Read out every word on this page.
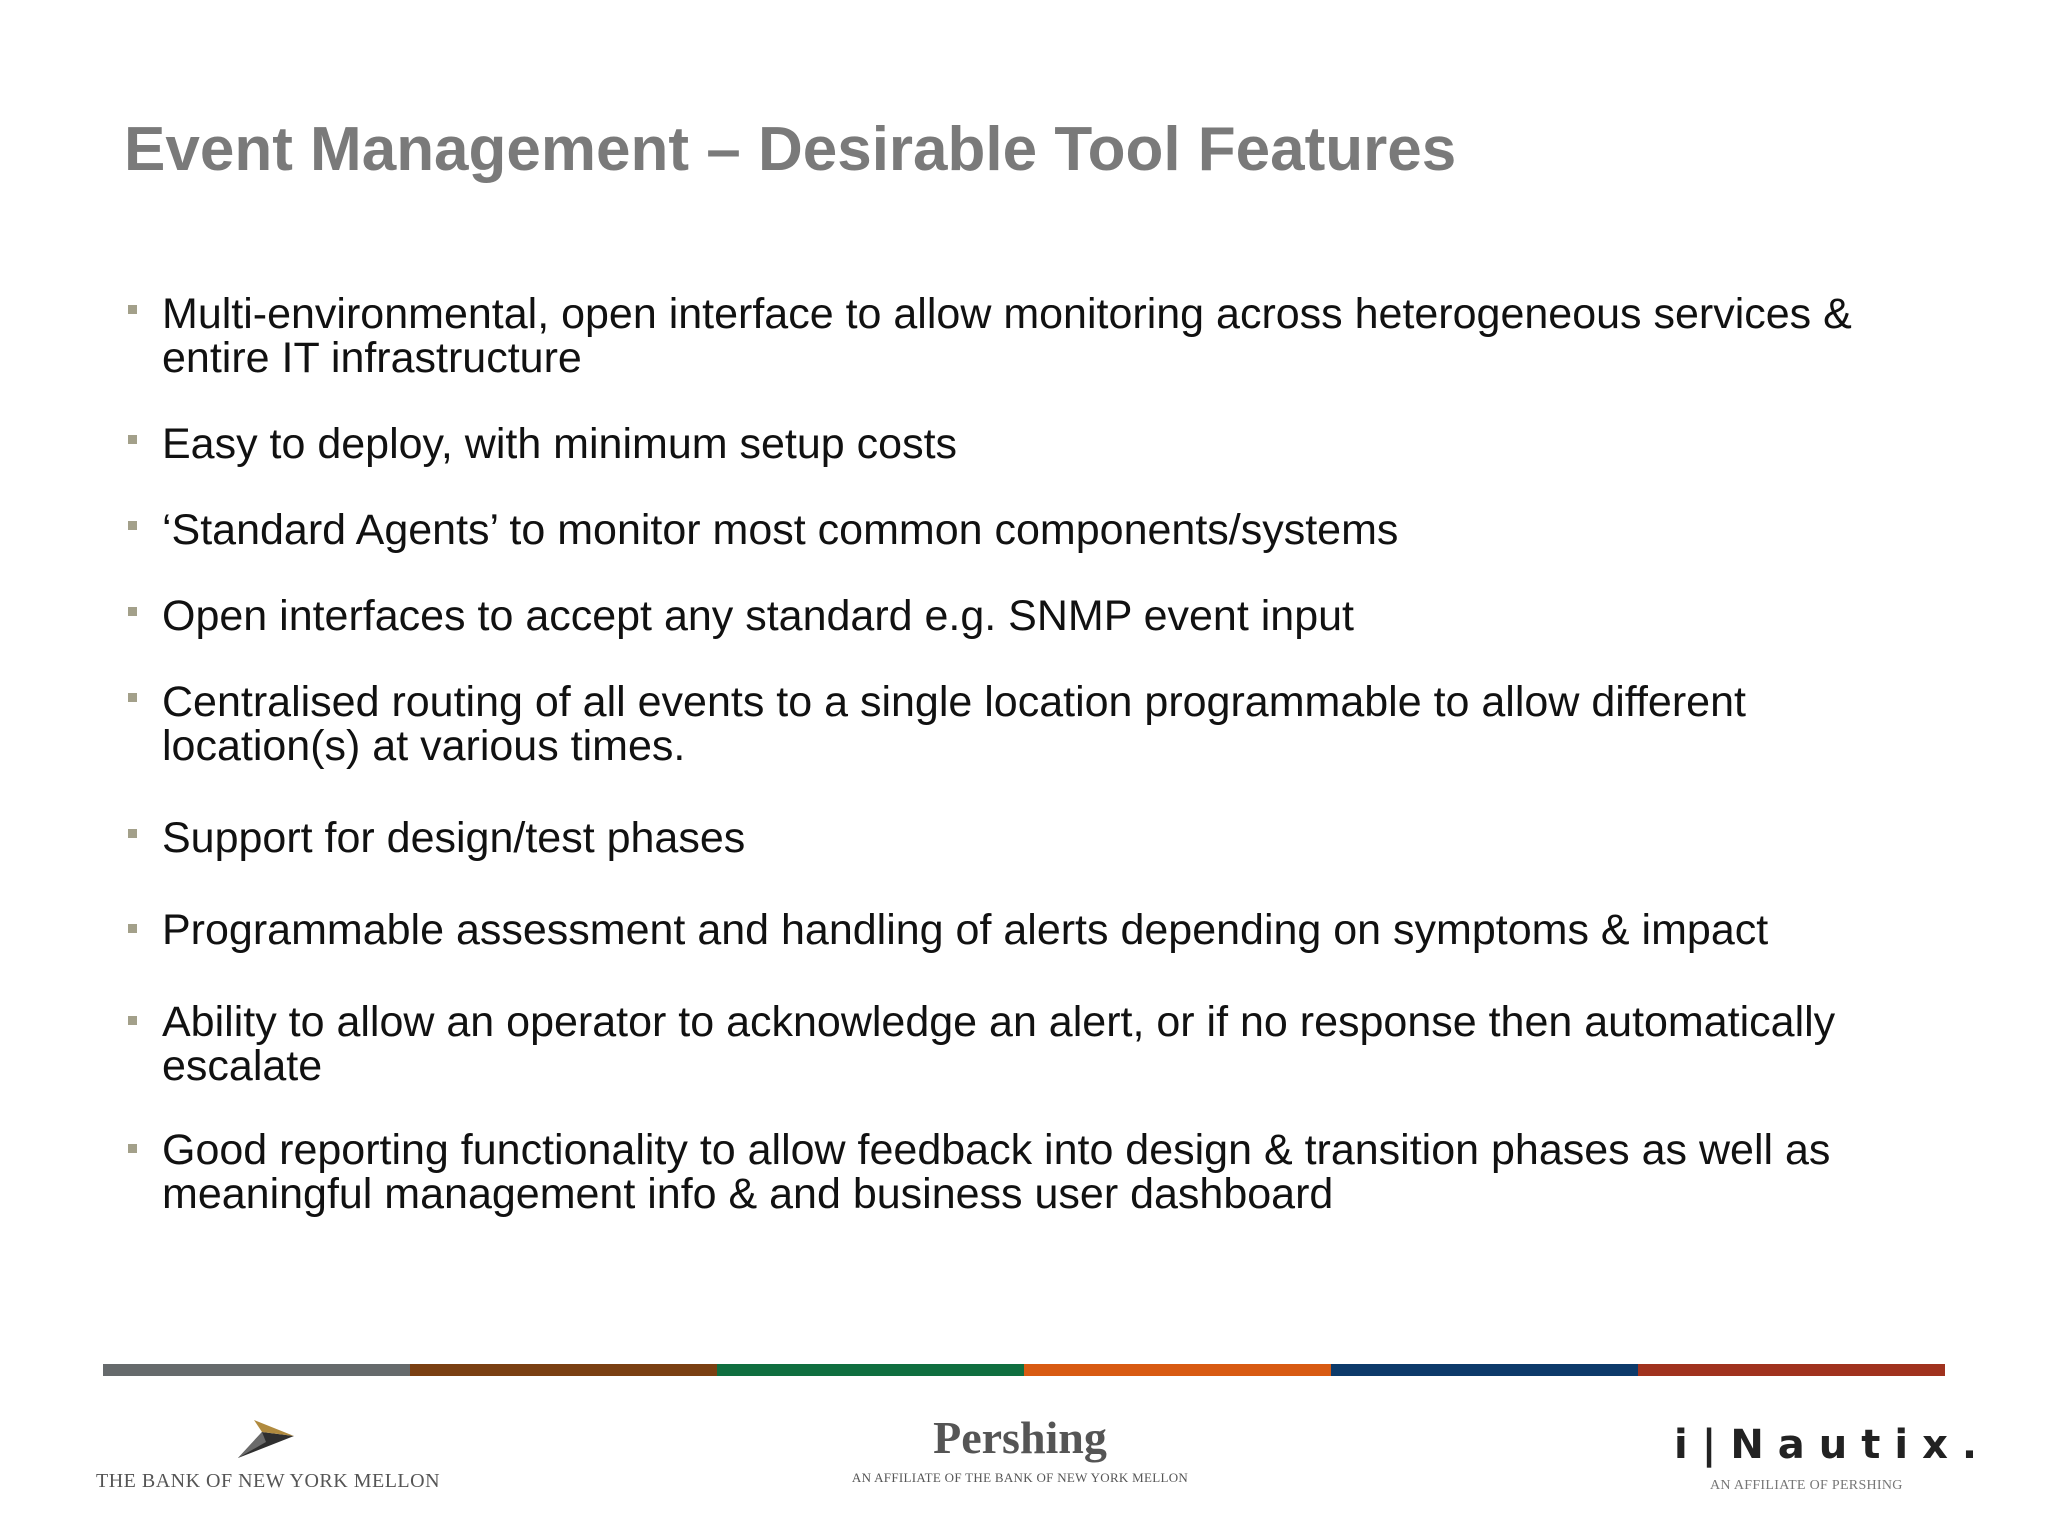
Event Management – Desirable Tool Features
Multi-environmental, open interface to allow monitoring across heterogeneous services & entire IT infrastructure
Easy to deploy, with minimum setup costs
‘Standard Agents’ to monitor most common components/systems
Open interfaces to accept any standard e.g. SNMP event input
Centralised routing of all events to a single location programmable to allow different location(s) at various times.
Support for design/test phases
Programmable assessment and handling of alerts depending on symptoms & impact
Ability to allow an operator to acknowledge an alert, or if no response then automatically escalate
Good reporting functionality to allow feedback into design & transition phases as well as meaningful management info & and business user dashboard
THE BANK OF NEW YORK MELLON
Pershing
AN AFFILIATE OF THE BANK OF NEW YORK MELLON
i|Nautix.
AN AFFILIATE OF PERSHING
